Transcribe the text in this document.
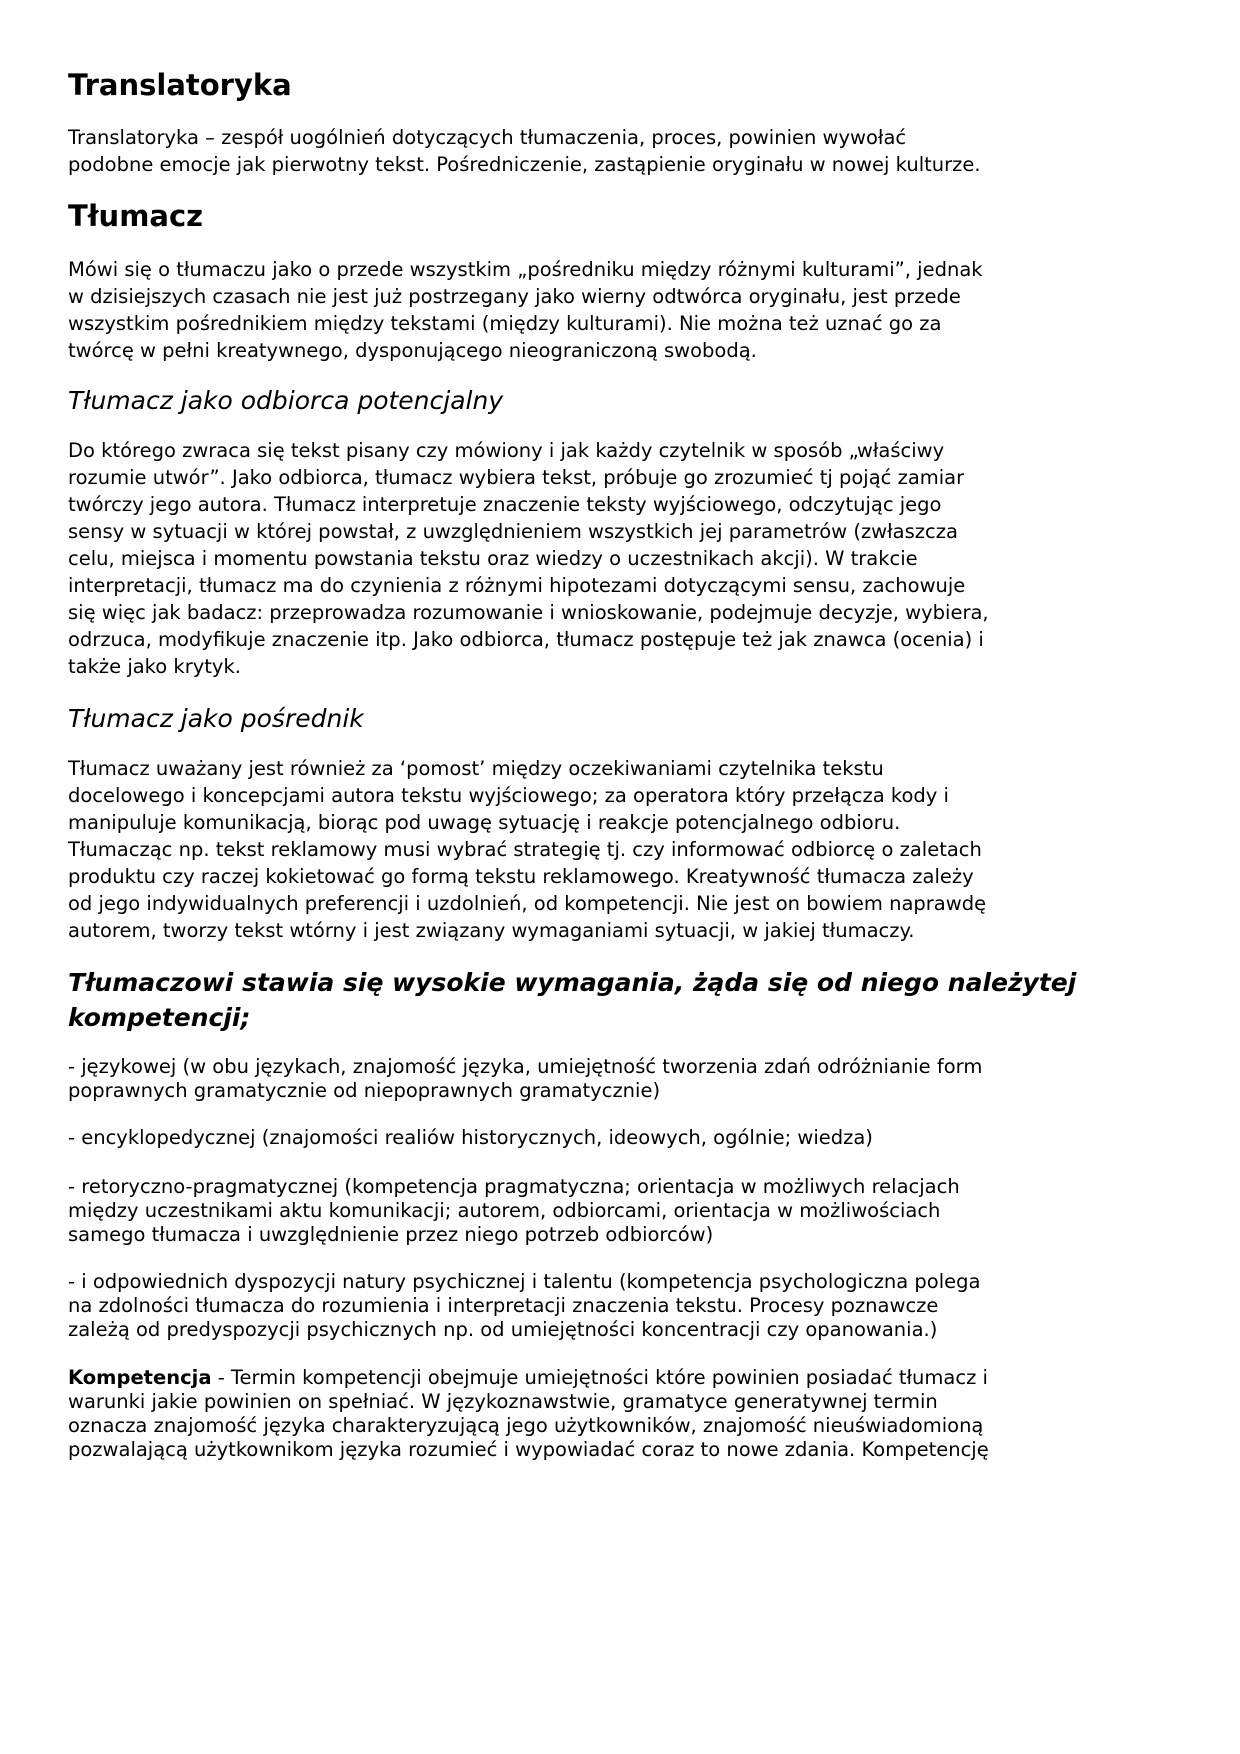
Translatoryka
Translatoryka – zespół uogólnień dotyczących tłumaczenia, proces, powinien wywołać
podobne emocje jak pierwotny tekst. Pośredniczenie, zastąpienie oryginału w nowej kulturze.
Tłumacz
Mówi się o tłumaczu jako o przede wszystkim „pośredniku między różnymi kulturami”, jednak
w dzisiejszych czasach nie jest już postrzegany jako wierny odtwórca oryginału, jest przede
wszystkim pośrednikiem między tekstami (między kulturami). Nie można też uznać go za
twórcę w pełni kreatywnego, dysponującego nieograniczoną swobodą.
Tłumacz jako odbiorca potencjalny
Do którego zwraca się tekst pisany czy mówiony i jak każdy czytelnik w sposób „właściwy
rozumie utwór”. Jako odbiorca, tłumacz wybiera tekst, próbuje go zrozumieć tj pojąć zamiar
twórczy jego autora. Tłumacz interpretuje znaczenie teksty wyjściowego, odczytując jego
sensy w sytuacji w której powstał, z uwzględnieniem wszystkich jej parametrów (zwłaszcza
celu, miejsca i momentu powstania tekstu oraz wiedzy o uczestnikach akcji). W trakcie
interpretacji, tłumacz ma do czynienia z różnymi hipotezami dotyczącymi sensu, zachowuje
się więc jak badacz: przeprowadza rozumowanie i wnioskowanie, podejmuje decyzje, wybiera,
odrzuca, modyfikuje znaczenie itp. Jako odbiorca, tłumacz postępuje też jak znawca (ocenia) i
także jako krytyk.
Tłumacz jako pośrednik
Tłumacz uważany jest również za ‘pomost’ między oczekiwaniami czytelnika tekstu
docelowego i koncepcjami autora tekstu wyjściowego; za operatora który przełącza kody i
manipuluje komunikacją, biorąc pod uwagę sytuację i reakcje potencjalnego odbioru.
Tłumacząc np. tekst reklamowy musi wybrać strategię tj. czy informować odbiorcę o zaletach
produktu czy raczej kokietować go formą tekstu reklamowego. Kreatywność tłumacza zależy
od jego indywidualnych preferencji i uzdolnień, od kompetencji. Nie jest on bowiem naprawdę
autorem, tworzy tekst wtórny i jest związany wymaganiami sytuacji, w jakiej tłumaczy.
Tłumaczowi stawia się wysokie wymagania, żąda się od niego należytej
kompetencji;
- językowej (w obu językach, znajomość języka, umiejętność tworzenia zdań odróżnianie form
poprawnych gramatycznie od niepoprawnych gramatycznie)
- encyklopedycznej (znajomości realiów historycznych, ideowych, ogólnie; wiedza)
- retoryczno-pragmatycznej (kompetencja pragmatyczna; orientacja w możliwych relacjach
między uczestnikami aktu komunikacji; autorem, odbiorcami, orientacja w możliwościach
samego tłumacza i uwzględnienie przez niego potrzeb odbiorców)
- i odpowiednich dyspozycji natury psychicznej i talentu (kompetencja psychologiczna polega
na zdolności tłumacza do rozumienia i interpretacji znaczenia tekstu. Procesy poznawcze
zależą od predyspozycji psychicznych np. od umiejętności koncentracji czy opanowania.)
Kompetencja - Termin kompetencji obejmuje umiejętności które powinien posiadać tłumacz i
warunki jakie powinien on spełniać. W językoznawstwie, gramatyce generatywnej termin
oznacza znajomość języka charakteryzującą jego użytkowników, znajomość nieuświadomioną
pozwalającą użytkownikom języka rozumieć i wypowiadać coraz to nowe zdania. Kompetencję
